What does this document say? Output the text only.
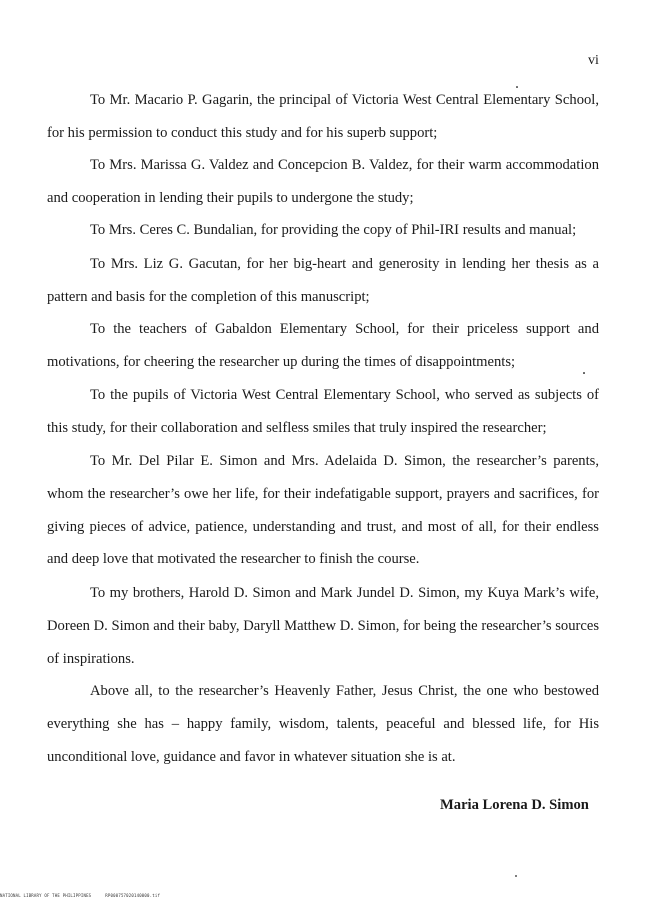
vi

To Mr. Macario P. Gagarin, the principal of Victoria West Central Elementary School, for his permission to conduct this study and for his superb support;

To Mrs. Marissa G. Valdez and Concepcion B. Valdez, for their warm accommodation and cooperation in lending their pupils to undergone the study;

To Mrs. Ceres C. Bundalian, for providing the copy of Phil-IRI results and manual;

To Mrs. Liz G. Gacutan, for her big-heart and generosity in lending her thesis as a pattern and basis for the completion of this manuscript;

To the teachers of Gabaldon Elementary School, for their priceless support and motivations, for cheering the researcher up during the times of disappointments;

To the pupils of Victoria West Central Elementary School, who served as subjects of this study, for their collaboration and selfless smiles that truly inspired the researcher;

To Mr. Del Pilar E. Simon and Mrs. Adelaida D. Simon, the researcher’s parents, whom the researcher’s owe her life, for their indefatigable support, prayers and sacrifices, for giving pieces of advice, patience, understanding and trust, and most of all, for their endless and deep love that motivated the researcher to finish the course.

To my brothers, Harold D. Simon and Mark Jundel D. Simon, my Kuya Mark’s wife, Doreen D. Simon and their baby, Daryll Matthew D. Simon, for being the researcher’s sources of inspirations.

Above all, to the researcher’s Heavenly Father, Jesus Christ, the one who bestowed everything she has – happy family, wisdom, talents, peaceful and blessed life, for His unconditional love, guidance and favor in whatever situation she is at.

Maria Lorena D. Simon
NATIONAL LIBRARY OF THE PHILIPPINES	RP000757020140000.tif
